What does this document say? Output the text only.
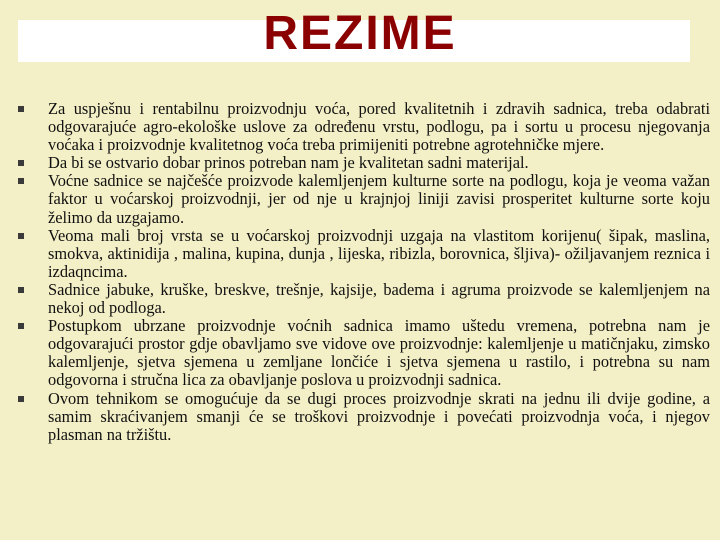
REZIME
Za uspješnu i rentabilnu proizvodnju voća, pored kvalitetnih i zdravih sadnica, treba odabrati odgovarajuće agro-ekološke uslove za određenu vrstu, podlogu, pa i sortu u procesu njegovanja voćaka i proizvodnje kvalitetnog voća treba primijeniti potrebne agrotehničke mjere.
Da bi se ostvario dobar prinos potreban nam je kvalitetan sadni materijal.
Voćne sadnice se najčešće proizvode kalemljenjem kulturne sorte na podlogu, koja je veoma važan faktor u voćarskoj proizvodnji, jer od nje u krajnjoj liniji zavisi prosperitet kulturne sorte koju želimo da uzgajamo.
Veoma mali broj vrsta se u voćarskoj proizvodnji uzgaja na vlastitom korijenu( šipak, maslina, smokva, aktinidija , malina, kupina, dunja , lijeska, ribizla, borovnica, šljiva)- ožiljavanjem reznica i izdaqncima.
Sadnice jabuke, kruške, breskve, trešnje, kajsije, badema i agruma proizvode se kalemljenjem na nekoj od podloga.
Postupkom ubrzane proizvodnje voćnih sadnica imamo uštedu vremena, potrebna nam je odgovarajući prostor gdje obavljamo sve vidove ove proizvodnje: kalemljenje u matičnjaku, zimsko kalemljenje, sjetva sjemena u zemljane lončiće i sjetva sjemena u rastilo, i potrebna su nam odgovorna i stručna lica za obavljanje poslova u proizvodnji sadnica.
Ovom tehnikom se omogućuje da se dugi proces proizvodnje skrati na jednu ili dvije godine, a samim skraćivanjem smanji će se troškovi proizvodnje i povećati proizvodnja voća, i njegov plasman na tržištu.
